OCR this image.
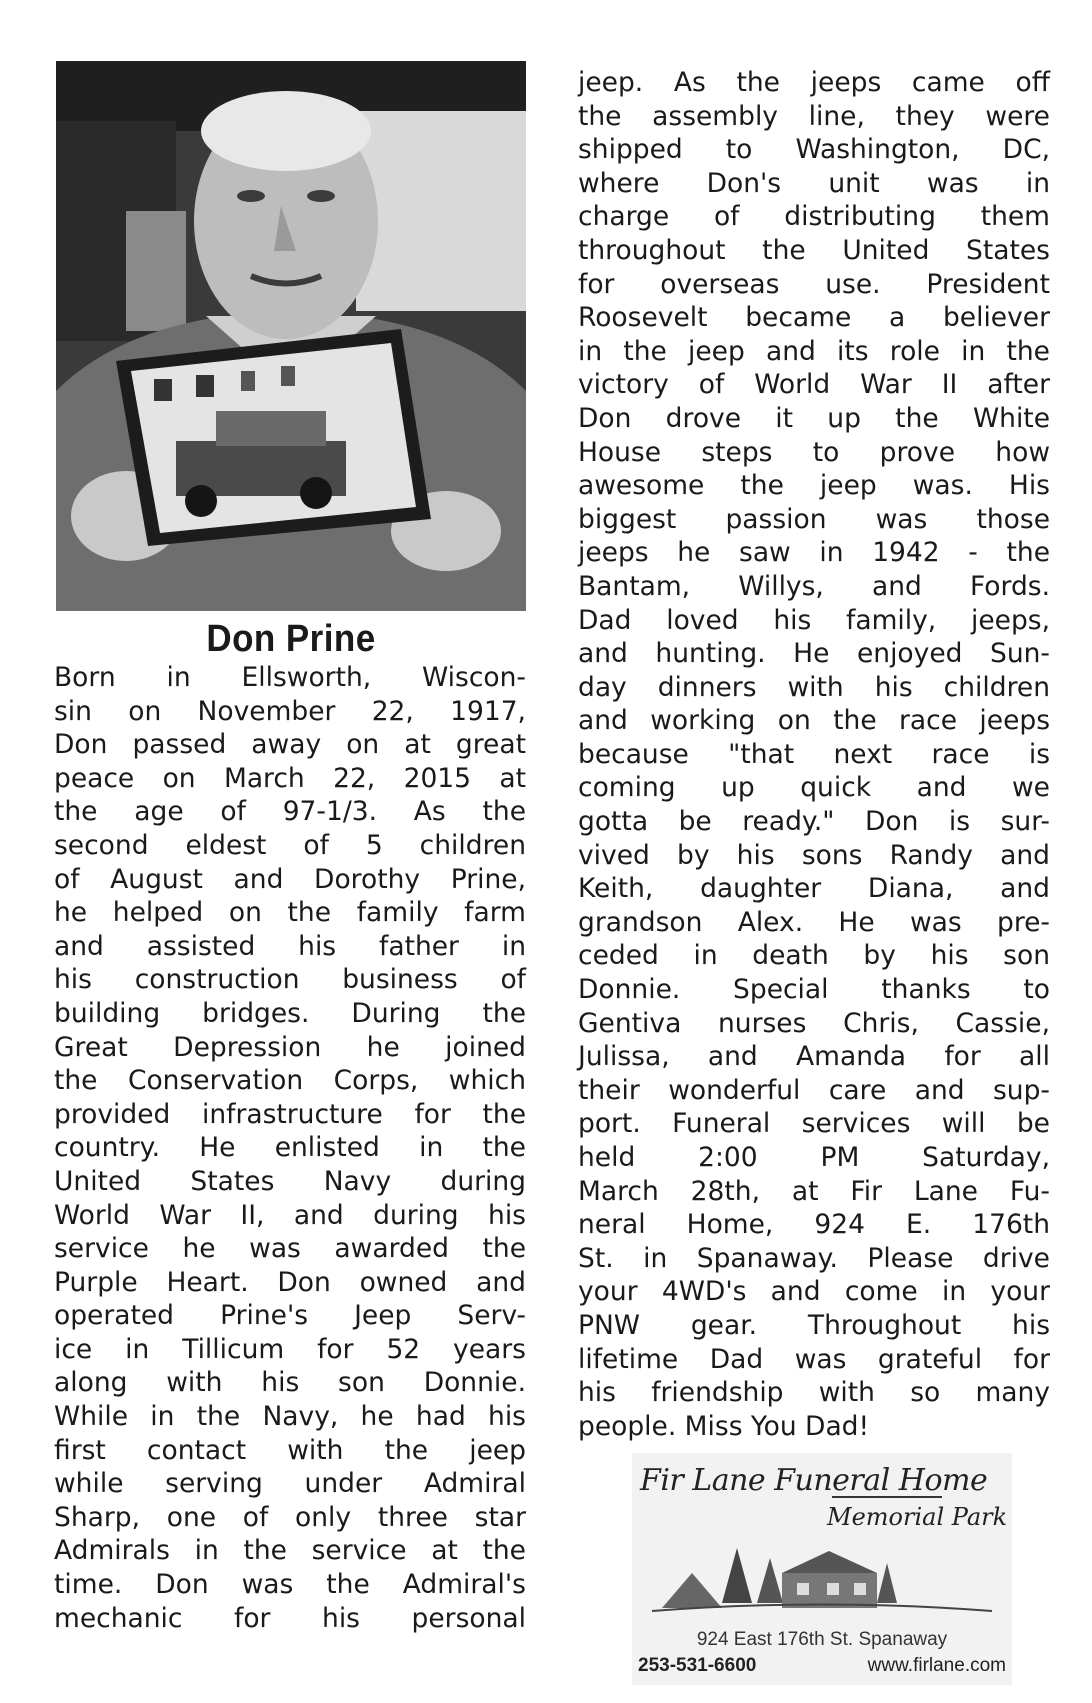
Don Prine
Born in Ellsworth, Wiscon-
sin on November 22, 1917,
Don passed away on at great
peace on March 22, 2015 at
the age of 97-1/3. As the
second eldest of 5 children
of August and Dorothy Prine,
he helped on the family farm
and assisted his father in
his construction business of
building bridges. During the
Great Depression he joined
the Conservation Corps, which
provided infrastructure for the
country. He enlisted in the
United States Navy during
World War II, and during his
service he was awarded the
Purple Heart. Don owned and
operated Prine's Jeep Serv-
ice in Tillicum for 52 years
along with his son Donnie.
While in the Navy, he had his
first contact with the jeep
while serving under Admiral
Sharp, one of only three star
Admirals in the service at the
time. Don was the Admiral's
mechanic for his personal
jeep. As the jeeps came off
the assembly line, they were
shipped to Washington, DC,
where Don's unit was in
charge of distributing them
throughout the United States
for overseas use. President
Roosevelt became a believer
in the jeep and its role in the
victory of World War II after
Don drove it up the White
House steps to prove how
awesome the jeep was. His
biggest passion was those
jeeps he saw in 1942 - the
Bantam, Willys, and Fords.
Dad loved his family, jeeps,
and hunting. He enjoyed Sun-
day dinners with his children
and working on the race jeeps
because "that next race is
coming up quick and we
gotta be ready." Don is sur-
vived by his sons Randy and
Keith, daughter Diana, and
grandson Alex. He was pre-
ceded in death by his son
Donnie. Special thanks to
Gentiva nurses Chris, Cassie,
Julissa, and Amanda for all
their wonderful care and sup-
port. Funeral services will be
held 2:00 PM Saturday,
March 28th, at Fir Lane Fu-
neral Home, 924 E. 176th
St. in Spanaway. Please drive
your 4WD's and come in your
PNW gear. Throughout his
lifetime Dad was grateful for
his friendship with so many
people. Miss You Dad!
Fir Lane Funeral Home
Memorial Park
924 East 176th St. Spanaway
253-531-6600	www.firlane.com
